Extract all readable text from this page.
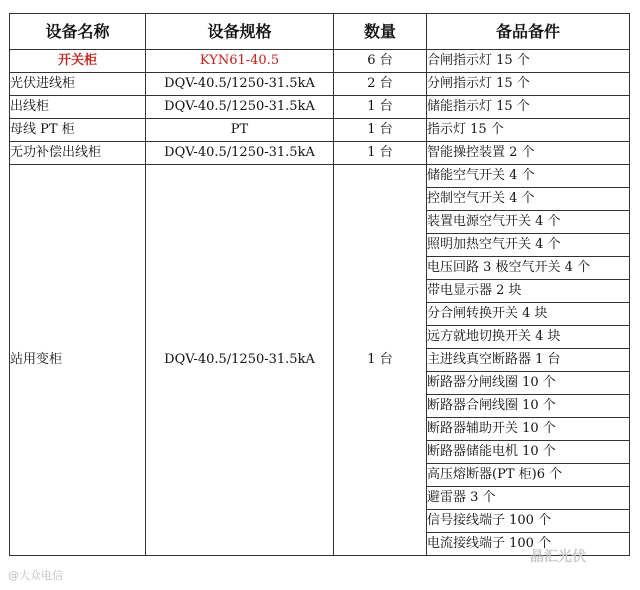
设备名称	设备规格	数量	备品备件
开关柜	KYN61-40.5	6 台	合闸指示灯 15 个
光伏进线柜	DQV-40.5/1250-31.5kA	2 台	分闸指示灯 15 个
出线柜	DQV-40.5/1250-31.5kA	1 台	储能指示灯 15 个
母线 PT 柜	PT	1 台	指示灯 15 个
无功补偿出线柜	DQV-40.5/1250-31.5kA	1 台	智能操控装置 2 个
站用变柜	DQV-40.5/1250-31.5kA	1 台	储能空气开关 4 个
			控制空气开关 4 个
			装置电源空气开关 4 个
			照明加热空气开关 4 个
			电压回路 3 极空气开关 4 个
			带电显示器 2 块
			分合闸转换开关 4 块
			远方就地切换开关 4 块
			主进线真空断路器 1 台
			断路器分闸线圈 10 个
			断路器合闸线圈 10 个
			断路器辅助开关 10 个
			断路器储能电机 10 个
			高压熔断器(PT 柜)6 个
			避雷器 3 个
			信号接线端子 100 个
			电流接线端子 100 个
@大众电信
晶汇光伏
